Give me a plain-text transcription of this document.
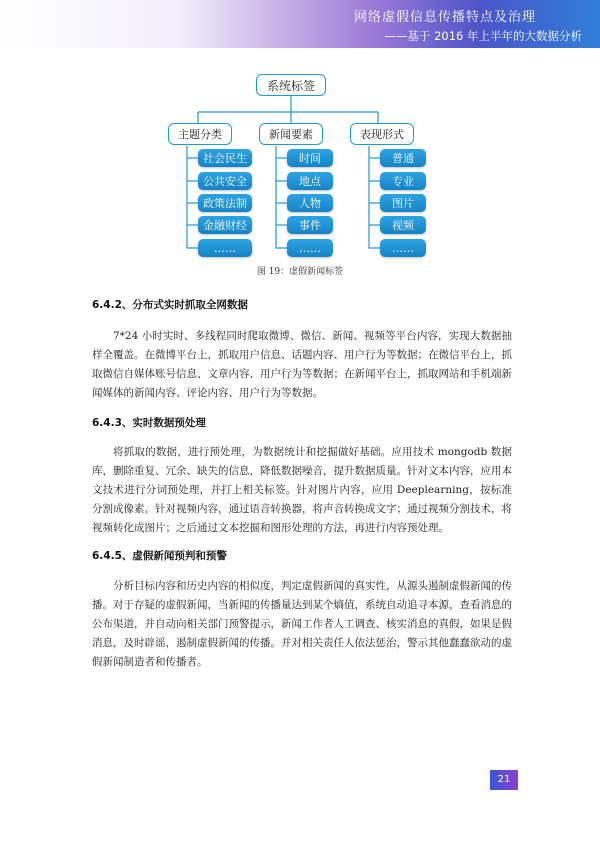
网络虚假信息传播特点及治理
——基于 2016 年上半年的大数据分析
系统标签
主题分类	新闻要素	表现形式
社会民生
公共安全
政策法制
金融财经
……
时间
地点
人物
事件
……
普通
专业
图片
视频
……
图 19：虚假新闻标签
6.4.2、分布式实时抓取全网数据

7*24 小时实时、多线程同时爬取微博、微信、新闻、视频等平台内容，实现大数据抽样全覆盖。在微博平台上，抓取用户信息、话题内容、用户行为等数据；在微信平台上，抓取微信自媒体账号信息、文章内容、用户行为等数据；在新闻平台上，抓取网站和手机端新闻媒体的新闻内容、评论内容、用户行为等数据。

6.4.3、实时数据预处理

将抓取的数据，进行预处理，为数据统计和挖掘做好基础。应用技术 mongodb 数据库，删除重复、冗余、缺失的信息，降低数据噪音，提升数据质量。针对文本内容，应用本文技术进行分词预处理，并打上相关标签。针对图片内容，应用 Deeplearning，按标准分割成像素。针对视频内容，通过语音转换器，将声音转换成文字；通过视频分割技术，将视频转化成图片；之后通过文本挖掘和图形处理的方法，再进行内容预处理。

6.4.5、虚假新闻预判和预警

分析目标内容和历史内容的相似度，判定虚假新闻的真实性，从源头遏制虚假新闻的传播。对于存疑的虚假新闻，当新闻的传播量达到某个熵值，系统自动追寻本源，查看消息的公布渠道，并自动向相关部门预警提示，新闻工作者人工调查、核实消息的真假，如果是假消息，及时辟谣，遏制虚假新闻的传播。并对相关责任人依法惩治，警示其他蠢蠢欲动的虚假新闻制造者和传播者。

21
